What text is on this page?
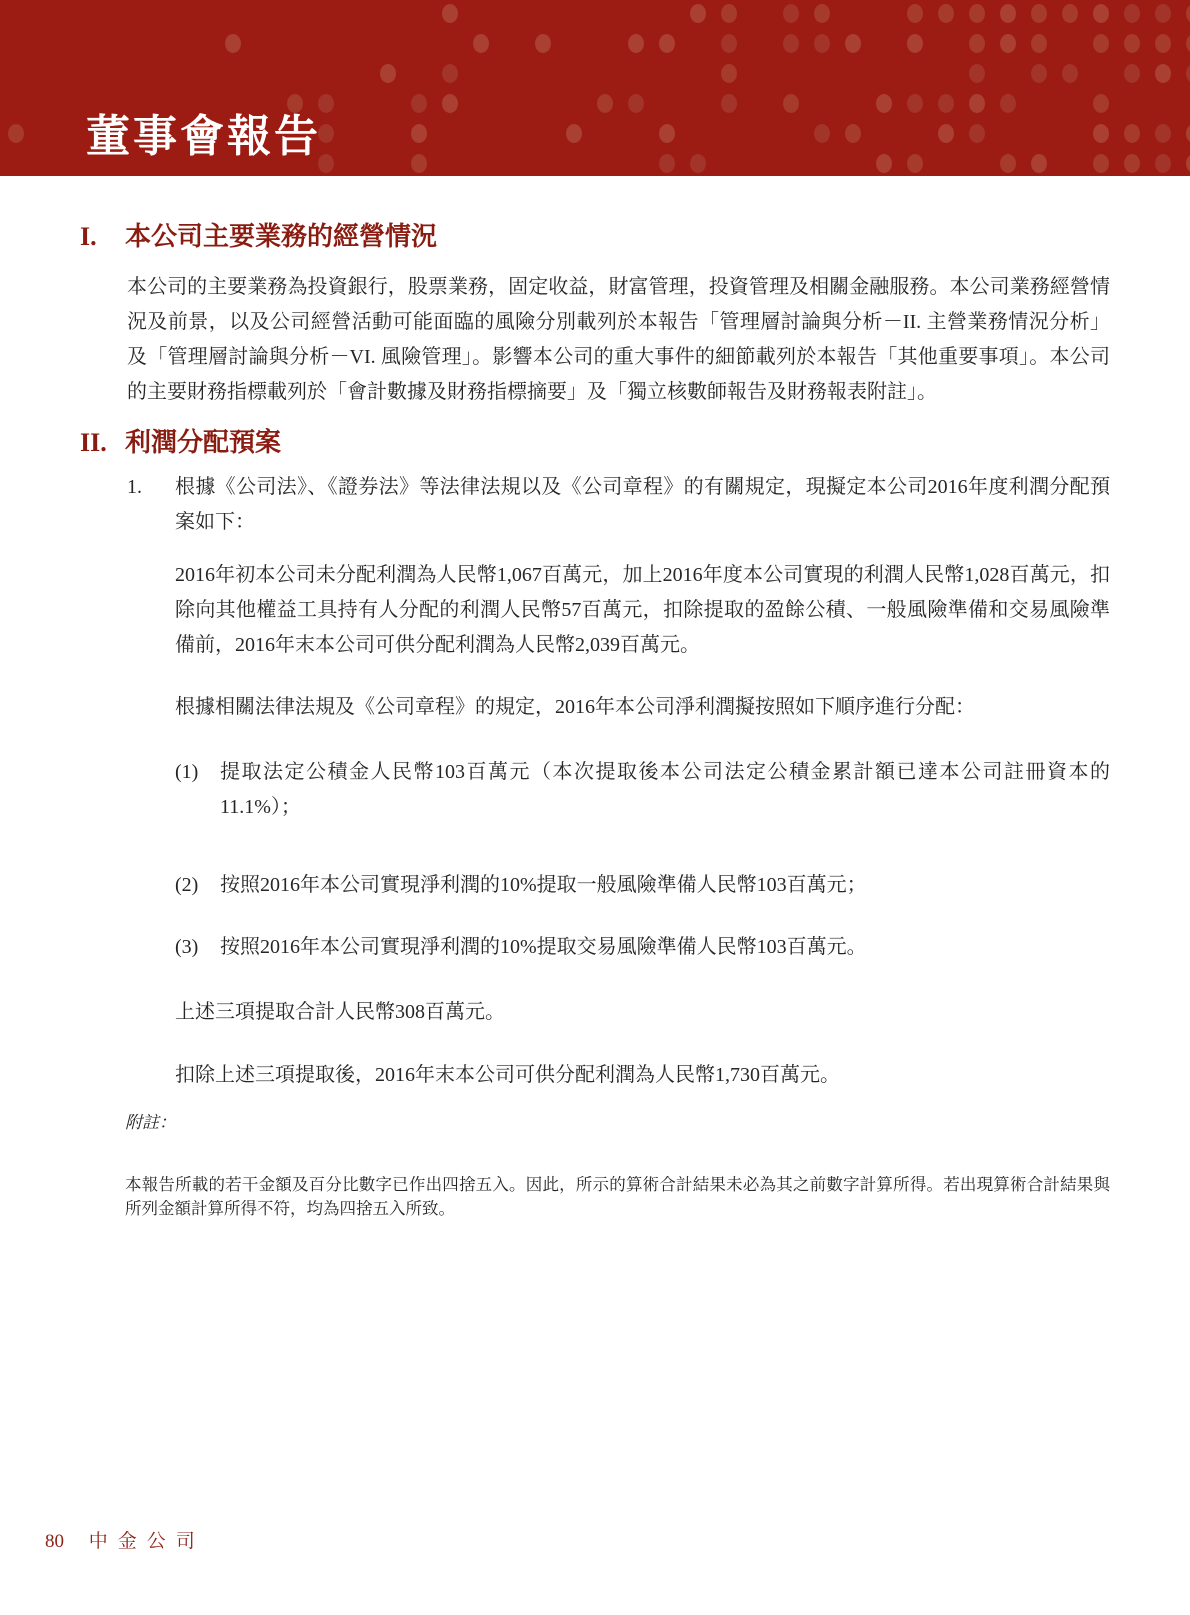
董事會報告
I.	本公司主要業務的經營情況

本公司的主要業務為投資銀行，股票業務，固定收益，財富管理，投資管理及相關金融服務。本公司業務經營情況及前景，以及公司經營活動可能面臨的風險分別載列於本報告「管理層討論與分析－II. 主營業務情況分析」及「管理層討論與分析－VI. 風險管理」。影響本公司的重大事件的細節載列於本報告「其他重要事項」。本公司的主要財務指標載列於「會計數據及財務指標摘要」及「獨立核數師報告及財務報表附註」。

II. 利潤分配預案
1.	根據《公司法》、《證券法》等法律法規以及《公司章程》的有關規定，現擬定本公司2016年度利潤分配預案如下：

2016年初本公司未分配利潤為人民幣1,067百萬元，加上2016年度本公司實現的利潤人民幣1,028百萬元，扣除向其他權益工具持有人分配的利潤人民幣57百萬元，扣除提取的盈餘公積、一般風險準備和交易風險準備前，2016年末本公司可供分配利潤為人民幣2,039百萬元。

根據相關法律法規及《公司章程》的規定，2016年本公司淨利潤擬按照如下順序進行分配：

(1)	提取法定公積金人民幣103百萬元（本次提取後本公司法定公積金累計額已達本公司註冊資本的11.1%）；
(2)	按照2016年本公司實現淨利潤的10%提取一般風險準備人民幣103百萬元；
(3)	按照2016年本公司實現淨利潤的10%提取交易風險準備人民幣103百萬元。

上述三項提取合計人民幣308百萬元。

扣除上述三項提取後，2016年末本公司可供分配利潤為人民幣1,730百萬元。

附註：
本報告所載的若干金額及百分比數字已作出四捨五入。因此，所示的算術合計結果未必為其之前數字計算所得。若出現算術合計結果與所列金額計算所得不符，均為四捨五入所致。
80 中金公司
